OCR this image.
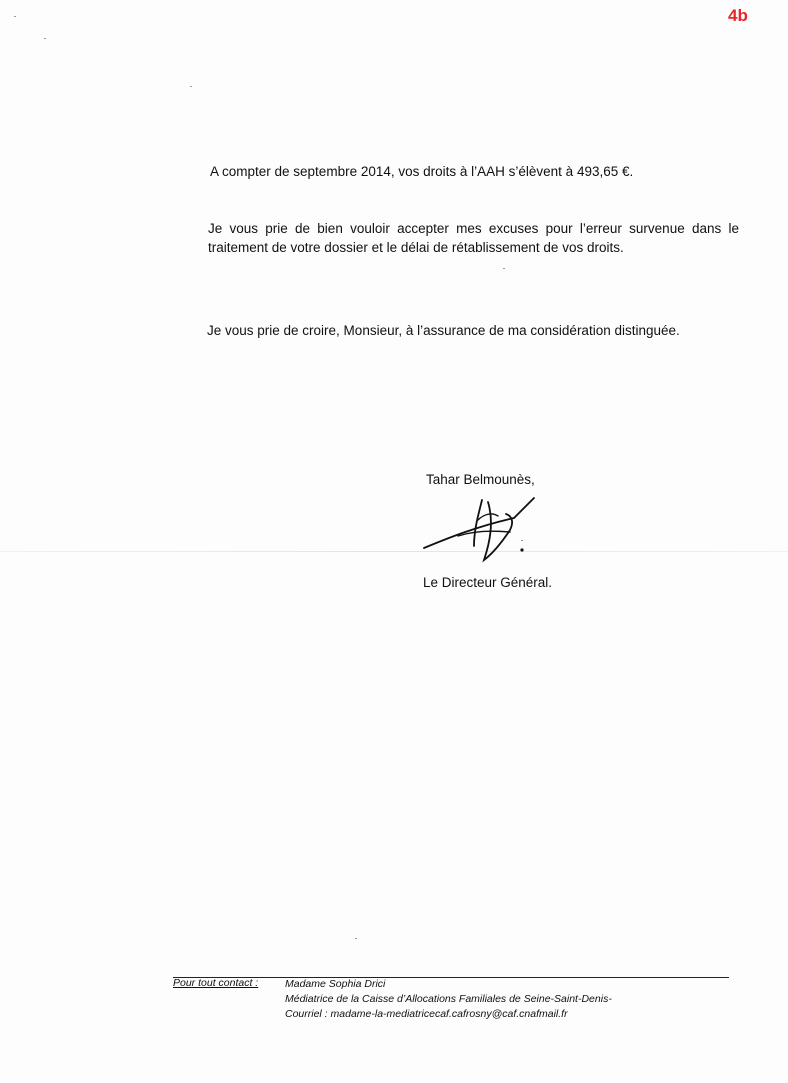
4b

A compter de septembre 2014, vos droits à l’AAH s’élèvent à 493,65 €.

Je vous prie de bien vouloir accepter mes excuses pour l’erreur survenue dans le traitement de votre dossier et le délai de rétablissement de vos droits.

Je vous prie de croire, Monsieur, à l’assurance de ma considération distinguée.

Tahar Belmounès,
Le Directeur Général.
Pour tout contact :	Madame Sophia Drici
Médiatrice de la Caisse d’Allocations Familiales de Seine-Saint-Denis-
Courriel : madame-la-mediatricecaf.cafrosny@caf.cnafmail.fr
